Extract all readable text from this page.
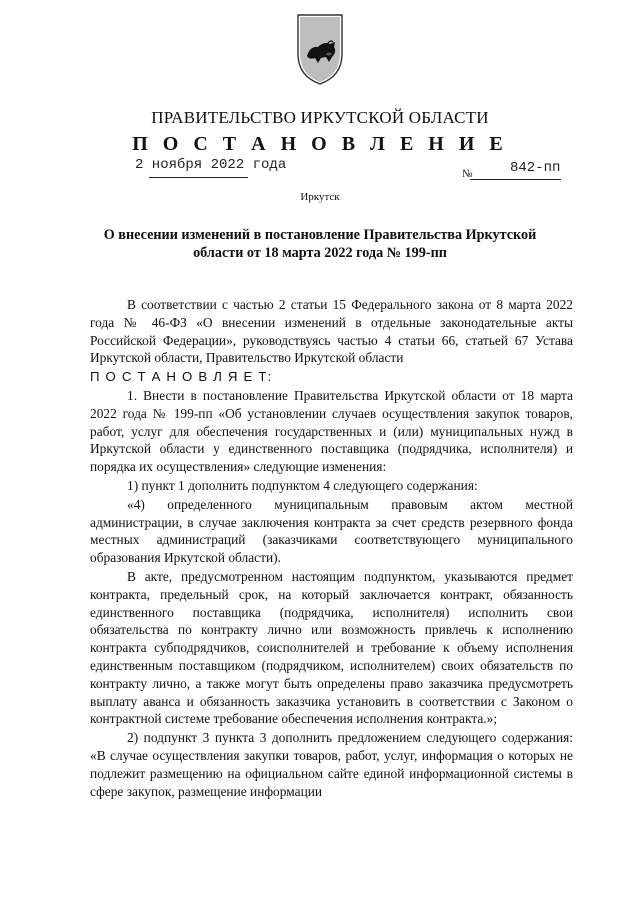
ПРАВИТЕЛЬСТВО ИРКУТСКОЙ ОБЛАСТИ
П О С Т А Н О В Л Е Н И Е
2 ноября 2022 года
№	842-пп
Иркутск
О внесении изменений в постановление Правительства Иркутской области от 18 марта 2022 года № 199-пп

В соответствии с частью 2 статьи 15 Федерального закона от 8 марта 2022 года № 46-ФЗ «О внесении изменений в отдельные законодательные акты Российской Федерации», руководствуясь частью 4 статьи 66, статьей 67 Устава Иркутской области, Правительство Иркутской области

П О С Т А Н О В Л Я Е Т:

1. Внести в постановление Правительства Иркутской области от 18 марта 2022 года № 199-пп «Об установлении случаев осуществления закупок товаров, работ, услуг для обеспечения государственных и (или) муниципальных нужд в Иркутской области у единственного поставщика (подрядчика, исполнителя) и порядка их осуществления» следующие изменения:

1) пункт 1 дополнить подпунктом 4 следующего содержания:

«4) определенного муниципальным правовым актом местной администрации, в случае заключения контракта за счет средств резервного фонда местных администраций (заказчиками соответствующего муниципального образования Иркутской области).

В акте, предусмотренном настоящим подпунктом, указываются предмет контракта, предельный срок, на который заключается контракт, обязанность единственного поставщика (подрядчика, исполнителя) исполнить свои обязательства по контракту лично или возможность привлечь к исполнению контракта субподрядчиков, соисполнителей и требование к объему исполнения единственным поставщиком (подрядчиком, исполнителем) своих обязательств по контракту лично, а также могут быть определены право заказчика предусмотреть выплату аванса и обязанность заказчика установить в соответствии с Законом о контрактной системе требование обеспечения исполнения контракта.»;

2) подпункт 3 пункта 3 дополнить предложением следующего содержания: «В случае осуществления закупки товаров, работ, услуг, информация о которых не подлежит размещению на официальном сайте единой информационной системы в сфере закупок, размещение информации
